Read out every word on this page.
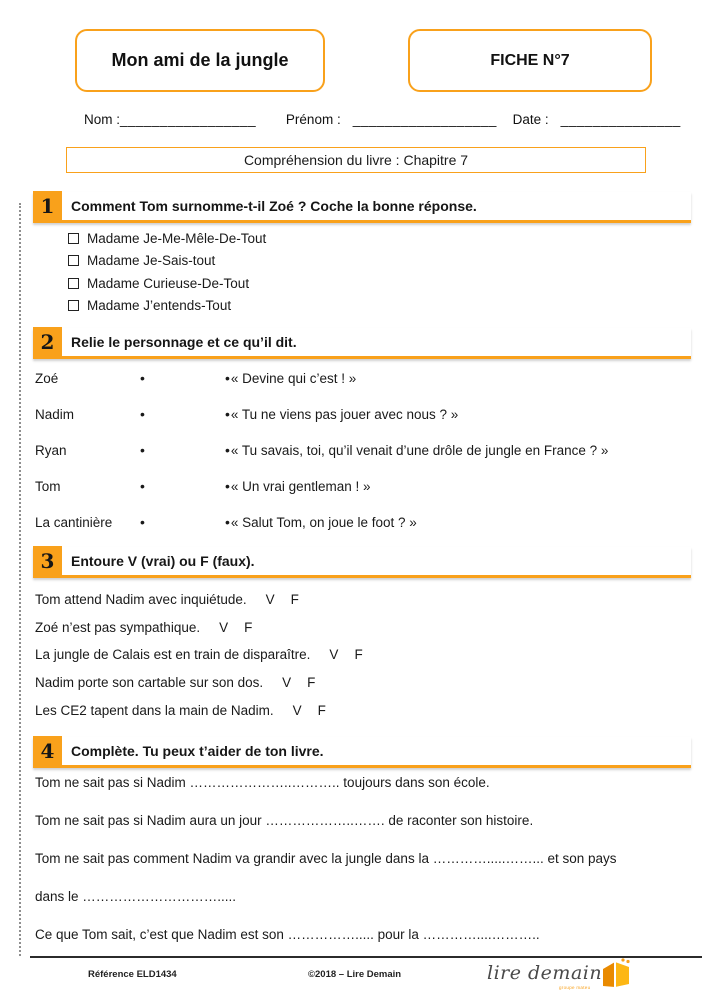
Mon ami de la jungle	FICHE N°7
Nom :_________________ Prénom : __________________ Date : _______________
Compréhension du livre : Chapitre 7
1	Comment Tom surnomme-t-il Zoé ? Coche la bonne réponse.
Madame Je-Me-Mêle-De-Tout
Madame Je-Sais-tout
Madame Curieuse-De-Tout
Madame J’entends-Tout
2	Relie le personnage et ce qu’il dit.
Zoé	•	• « Devine qui c’est ! »
Nadim	•	• « Tu ne viens pas jouer avec nous ? »
Ryan	•	• « Tu savais, toi, qu’il venait d’une drôle de jungle en France ? »
Tom	•	• « Un vrai gentleman ! »
La cantinière	•	• « Salut Tom, on joue le foot ? »
3	Entoure V (vrai) ou F (faux).
Tom attend Nadim avec inquiétude. V F
Zoé n’est pas sympathique. V F
La jungle de Calais est en train de disparaître. V F
Nadim porte son cartable sur son dos. V F
Les CE2 tapent dans la main de Nadim. V F
4	Complète. Tu peux t’aider de ton livre.
Tom ne sait pas si Nadim …………………..……….. toujours dans son école.
Tom ne sait pas si Nadim aura un jour ………………..……. de raconter son histoire.
Tom ne sait pas comment Nadim va grandir avec la jungle dans la ………….....……... et son pays
dans le ………………………….....
Ce que Tom sait, c’est que Nadim est son ……………..... pour la …………....………..
Référence ELD1434	©2018 – Lire Demain	lire demain
groupe mateu
